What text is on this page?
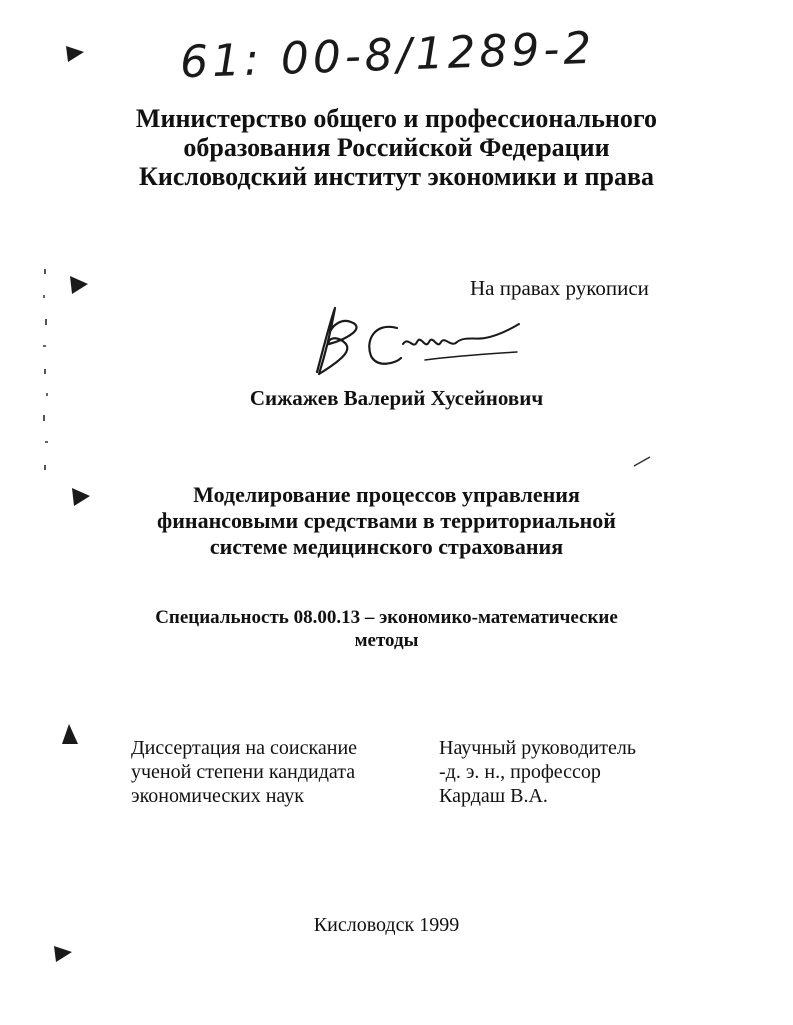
61: 00-8/1289-2
Министерство общего и профессионального
образования Российской Федерации
Кисловодский институт экономики и права
На правах рукописи
Сижажев Валерий Хусейнович
Моделирование процессов управления
финансовыми средствами в территориальной
системе медицинского страхования
Специальность 08.00.13 – экономико-математические
методы
Диссертация на соискание
ученой степени кандидата
экономических наук
Научный руководитель
-д. э. н., профессор
Кардаш В.А.
Кисловодск 1999
